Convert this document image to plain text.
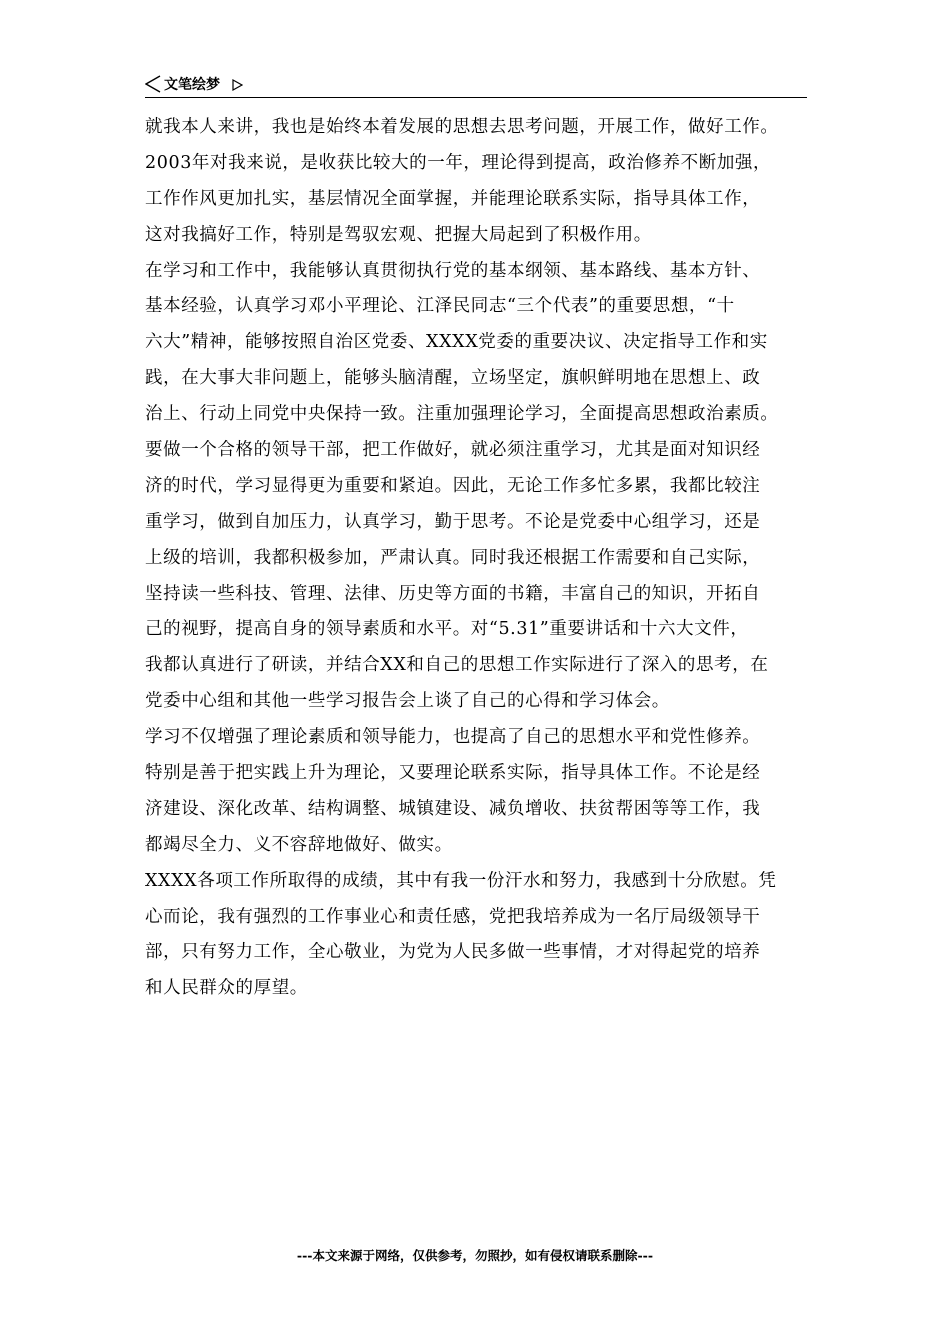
文笔绘梦
就我本人来讲，我也是始终本着发展的思想去思考问题，开展工作，做好工作。
2003年对我来说，是收获比较大的一年，理论得到提高，政治修养不断加强，
工作作风更加扎实，基层情况全面掌握，并能理论联系实际，指导具体工作，
这对我搞好工作，特别是驾驭宏观、把握大局起到了积极作用。
在学习和工作中，我能够认真贯彻执行党的基本纲领、基本路线、基本方针、
基本经验，认真学习邓小平理论、江泽民同志“三个代表”的重要思想，“十
六大”精神，能够按照自治区党委、XXXX党委的重要决议、决定指导工作和实
践，在大事大非问题上，能够头脑清醒，立场坚定，旗帜鲜明地在思想上、政
治上、行动上同党中央保持一致。注重加强理论学习，全面提高思想政治素质。
要做一个合格的领导干部，把工作做好，就必须注重学习，尤其是面对知识经
济的时代，学习显得更为重要和紧迫。因此，无论工作多忙多累，我都比较注
重学习，做到自加压力，认真学习，勤于思考。不论是党委中心组学习，还是
上级的培训，我都积极参加，严肃认真。同时我还根据工作需要和自己实际，
坚持读一些科技、管理、法律、历史等方面的书籍，丰富自己的知识，开拓自
己的视野，提高自身的领导素质和水平。对“5.31”重要讲话和十六大文件，
我都认真进行了研读，并结合XX和自己的思想工作实际进行了深入的思考，在
党委中心组和其他一些学习报告会上谈了自己的心得和学习体会。
学习不仅增强了理论素质和领导能力，也提高了自己的思想水平和党性修养。
特别是善于把实践上升为理论，又要理论联系实际，指导具体工作。不论是经
济建设、深化改革、结构调整、城镇建设、减负增收、扶贫帮困等等工作，我
都竭尽全力、义不容辞地做好、做实。
XXXX各项工作所取得的成绩，其中有我一份汗水和努力，我感到十分欣慰。凭
心而论，我有强烈的工作事业心和责任感，党把我培养成为一名厅局级领导干
部，只有努力工作，全心敬业，为党为人民多做一些事情，才对得起党的培养
和人民群众的厚望。
---本文来源于网络，仅供参考，勿照抄，如有侵权请联系删除---
